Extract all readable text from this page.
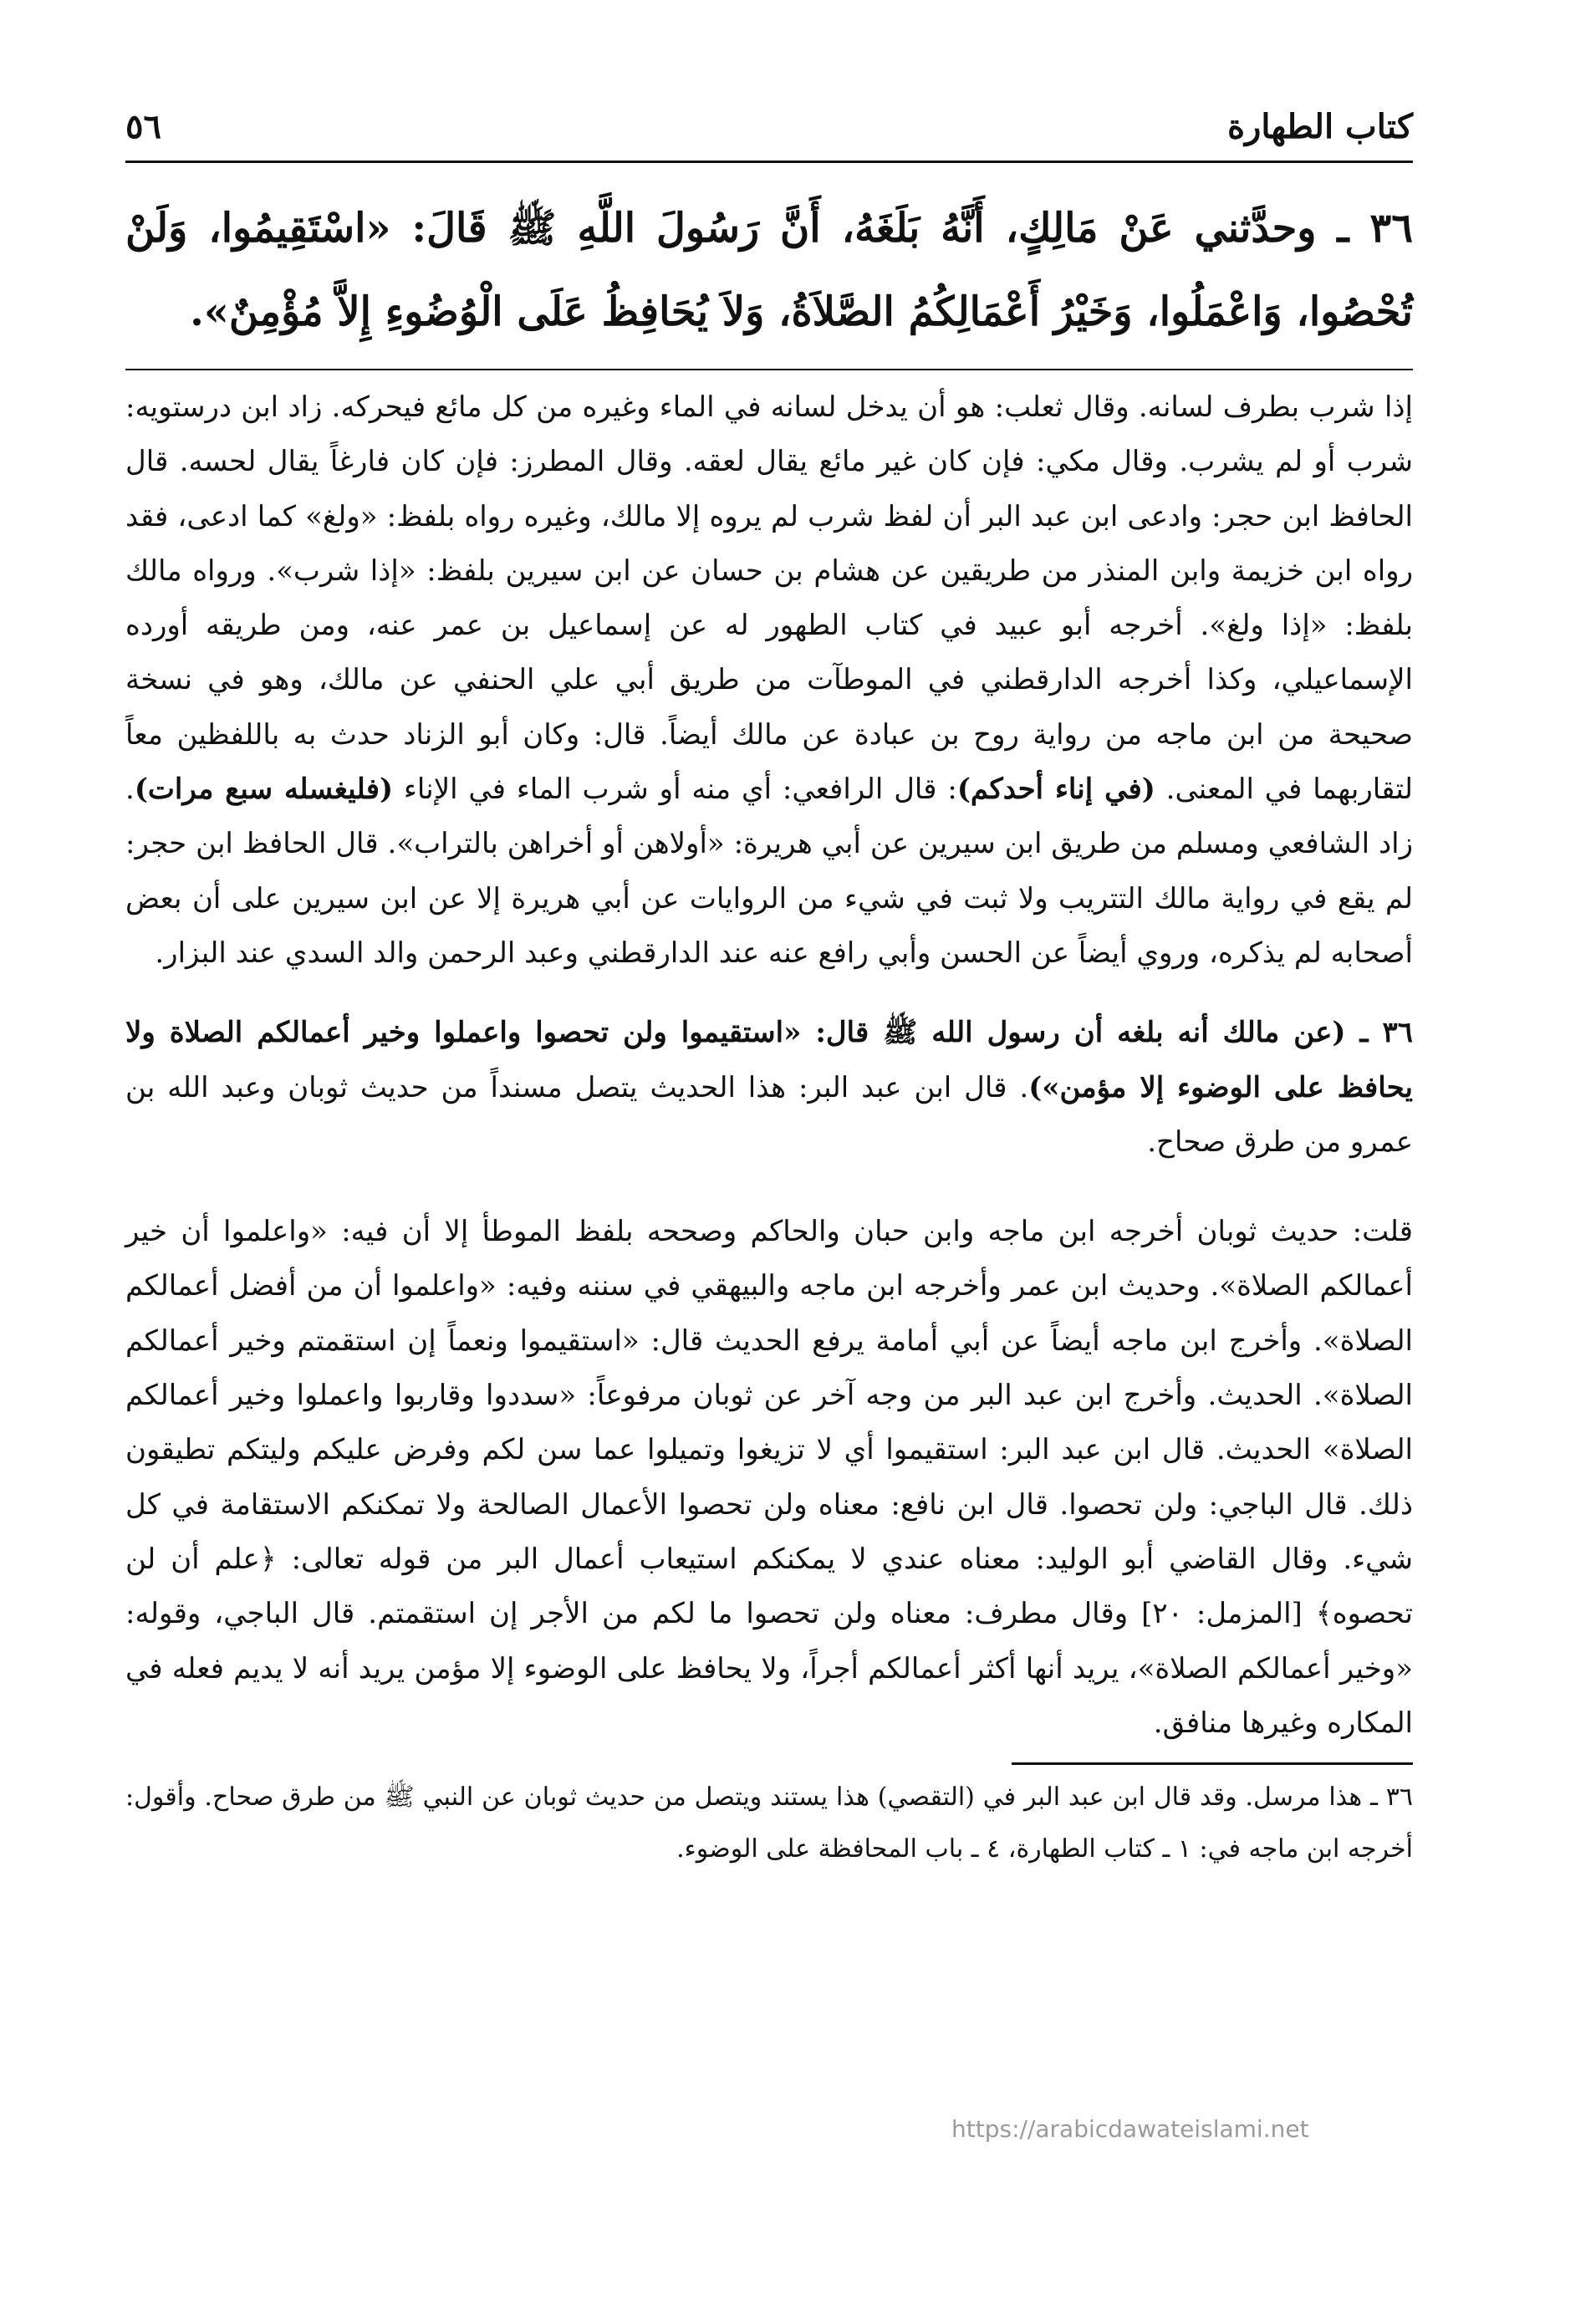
كتاب الطهارة
٥٦
٣٦ ـ وحدَّثني عَنْ مَالِكٍ، أَنَّهُ بَلَغَهُ، أَنَّ رَسُولَ اللَّهِ ﷺ قَالَ: «اسْتَقِيمُوا، وَلَنْ تُحْصُوا، وَاعْمَلُوا، وَخَيْرُ أَعْمَالِكُمُ الصَّلاَةُ، وَلاَ يُحَافِظُ عَلَى الْوُضُوءِ إِلاَّ مُؤْمِنٌ».

إذا شرب بطرف لسانه. وقال ثعلب: هو أن يدخل لسانه في الماء وغيره من كل مائع فيحركه. زاد ابن درستويه: شرب أو لم يشرب. وقال مكي: فإن كان غير مائع يقال لعقه. وقال المطرز: فإن كان فارغاً يقال لحسه. قال الحافظ ابن حجر: وادعى ابن عبد البر أن لفظ شرب لم يروه إلا مالك، وغيره رواه بلفظ: «ولغ» كما ادعى، فقد رواه ابن خزيمة وابن المنذر من طريقين عن هشام بن حسان عن ابن سيرين بلفظ: «إذا شرب». ورواه مالك بلفظ: «إذا ولغ». أخرجه أبو عبيد في كتاب الطهور له عن إسماعيل بن عمر عنه، ومن طريقه أورده الإسماعيلي، وكذا أخرجه الدارقطني في الموطآت من طريق أبي علي الحنفي عن مالك، وهو في نسخة صحيحة من ابن ماجه من رواية روح بن عبادة عن مالك أيضاً. قال: وكان أبو الزناد حدث به باللفظين معاً لتقاربهما في المعنى. (في إناء أحدكم): قال الرافعي: أي منه أو شرب الماء في الإناء (فليغسله سبع مرات). زاد الشافعي ومسلم من طريق ابن سيرين عن أبي هريرة: «أولاهن أو أخراهن بالتراب». قال الحافظ ابن حجر: لم يقع في رواية مالك التتريب ولا ثبت في شيء من الروايات عن أبي هريرة إلا عن ابن سيرين على أن بعض أصحابه لم يذكره، وروي أيضاً عن الحسن وأبي رافع عنه عند الدارقطني وعبد الرحمن والد السدي عند البزار.

٣٦ ـ (عن مالك أنه بلغه أن رسول الله ﷺ قال: «استقيموا ولن تحصوا واعملوا وخير أعمالكم الصلاة ولا يحافظ على الوضوء إلا مؤمن»). قال ابن عبد البر: هذا الحديث يتصل مسنداً من حديث ثوبان وعبد الله بن عمرو من طرق صحاح.

قلت: حديث ثوبان أخرجه ابن ماجه وابن حبان والحاكم وصححه بلفظ الموطأ إلا أن فيه: «واعلموا أن خير أعمالكم الصلاة». وحديث ابن عمر وأخرجه ابن ماجه والبيهقي في سننه وفيه: «واعلموا أن من أفضل أعمالكم الصلاة». وأخرج ابن ماجه أيضاً عن أبي أمامة يرفع الحديث قال: «استقيموا ونعماً إن استقمتم وخير أعمالكم الصلاة». الحديث. وأخرج ابن عبد البر من وجه آخر عن ثوبان مرفوعاً: «سددوا وقاربوا واعملوا وخير أعمالكم الصلاة» الحديث. قال ابن عبد البر: استقيموا أي لا تزيغوا وتميلوا عما سن لكم وفرض عليكم وليتكم تطيقون ذلك. قال الباجي: ولن تحصوا. قال ابن نافع: معناه ولن تحصوا الأعمال الصالحة ولا تمكنكم الاستقامة في كل شيء. وقال القاضي أبو الوليد: معناه عندي لا يمكنكم استيعاب أعمال البر من قوله تعالى: ﴿علم أن لن تحصوه﴾ [المزمل: ٢٠] وقال مطرف: معناه ولن تحصوا ما لكم من الأجر إن استقمتم. قال الباجي، وقوله: «وخير أعمالكم الصلاة»، يريد أنها أكثر أعمالكم أجراً، ولا يحافظ على الوضوء إلا مؤمن يريد أنه لا يديم فعله في المكاره وغيرها منافق.

٣٦ ـ هذا مرسل. وقد قال ابن عبد البر في (التقصي) هذا يستند ويتصل من حديث ثوبان عن النبي ﷺ من طرق صحاح. وأقول: أخرجه ابن ماجه في: ١ ـ كتاب الطهارة، ٤ ـ باب المحافظة على الوضوء.

https://arabicdawateislami.net
